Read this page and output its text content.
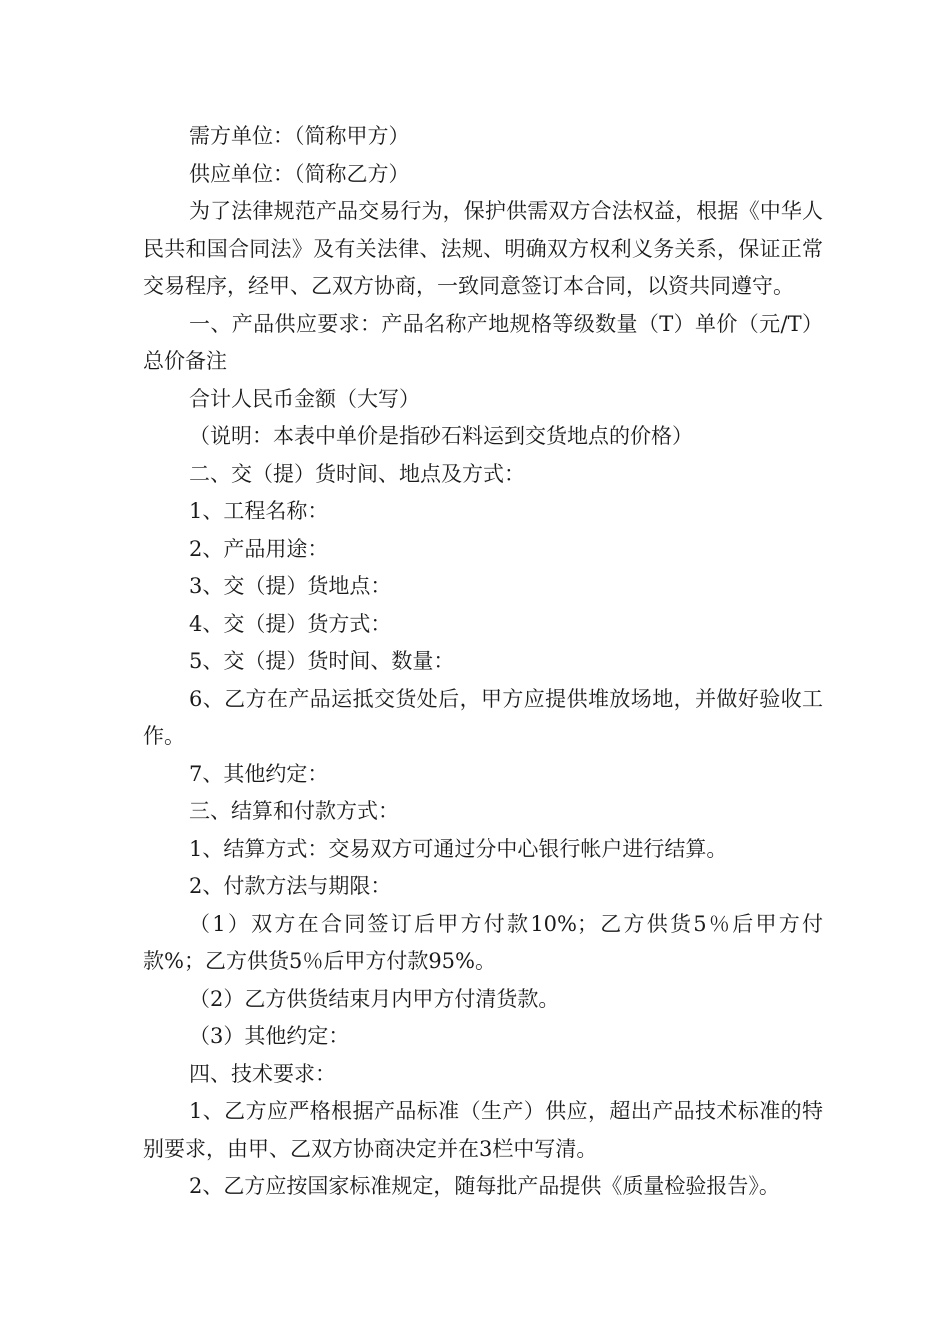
需方单位：（简称甲方）

供应单位：（简称乙方）

为了法律规范产品交易行为，保护供需双方合法权益，根据《中华人民共和国合同法》及有关法律、法规、明确双方权利义务关系，保证正常交易程序，经甲、乙双方协商，一致同意签订本合同，以资共同遵守。

一、产品供应要求：产品名称产地规格等级数量（T）单价（元/T）总价备注

合计人民币金额（大写）

（说明：本表中单价是指砂石料运到交货地点的价格）

二、交（提）货时间、地点及方式：

1、工程名称：

2、产品用途：

3、交（提）货地点：

4、交（提）货方式：

5、交（提）货时间、数量：

6、乙方在产品运抵交货处后，甲方应提供堆放场地，并做好验收工作。

7、其他约定：

三、结算和付款方式：

1、结算方式：交易双方可通过分中心银行帐户进行结算。

2、付款方法与期限：

（1）双方在合同签订后甲方付款10%；乙方供货5％后甲方付款%；乙方供货5％后甲方付款95%。

（2）乙方供货结束月内甲方付清货款。

（3）其他约定：

四、技术要求：

1、乙方应严格根据产品标准（生产）供应，超出产品技术标准的特别要求，由甲、乙双方协商决定并在3栏中写清。

2、乙方应按国家标准规定，随每批产品提供《质量检验报告》。
